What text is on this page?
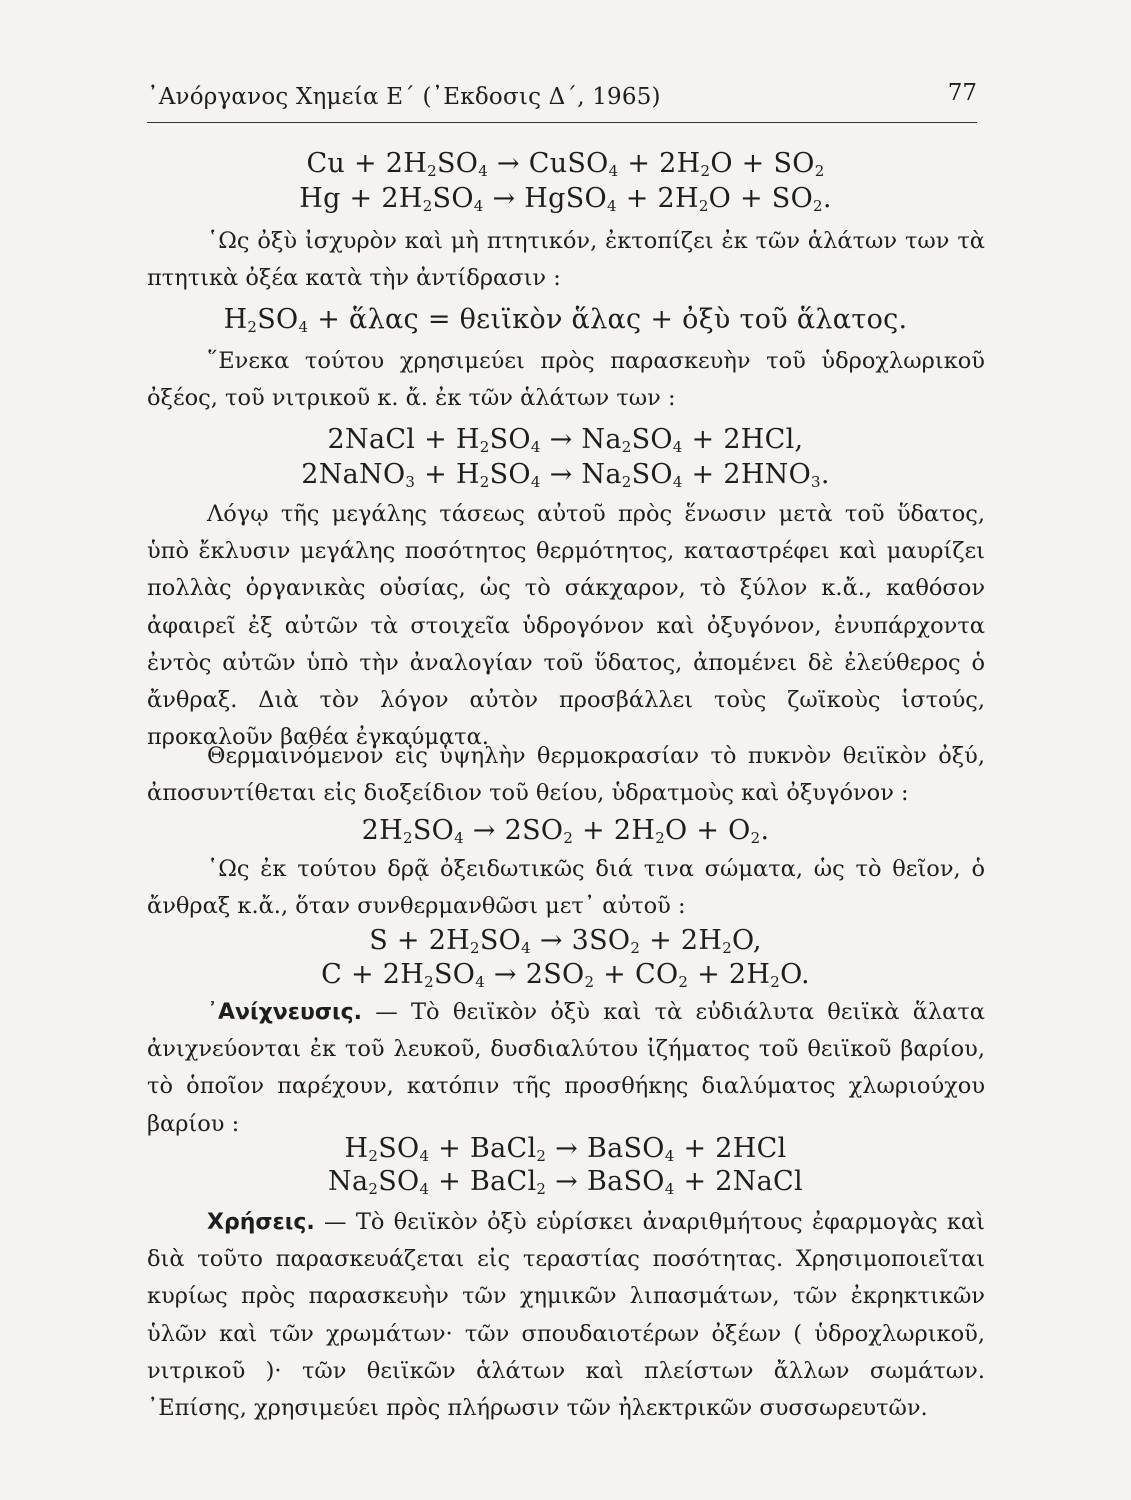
᾽Ανόργανος Χημεία Ε΄ (᾽Εκδοσις Δ΄, 1965)	77
$Cu + 2H_2SO_4$ → CuSO$_4$ + $2H_2O + SO_2$
$Hg + 2H_2SO_4$ → HgSO$_4$ + $2H_2O + SO_2$.
῾Ως ὀξὺ ἰσχυρὸν καὶ μὴ πτητικόν, ἐκτοπίζει ἐκ τῶν ἁλάτων των τὰ πτητικὰ ὀξέα κατὰ τὴν ἀντίδρασιν :
$H_2SO_4$ + ἅλας = θειϊκὸν ἅλας + ὀξὺ τοῦ ἅλατος.
῞Ενεκα τούτου χρησιμεύει πρὸς παρασκευὴν τοῦ ὑδροχλωρικοῦ ὀξέος, τοῦ νιτρικοῦ κ. ἄ. ἐκ τῶν ἁλάτων των :
2NaCl + $H_2SO_4 \to Na_2SO_4 + 2HCl$,
2NaNO$_3$ + $H_2SO_4 \to Na_2SO_4 + 2HNO_3$.
Λόγῳ τῆς μεγάλης τάσεως αὐτοῦ πρὸς ἕνωσιν μετὰ τοῦ ὕδατος, ὑπὸ ἔκλυσιν μεγάλης ποσότητος θερμότητος, καταστρέφει καὶ μαυρίζει πολλὰς ὀργανικὰς οὐσίας, ὡς τὸ σάκχαρον, τὸ ξύλον κ.ἄ., καθόσον ἀφαιρεῖ ἐξ αὐτῶν τὰ στοιχεῖα ὑδρογόνον καὶ ὀξυγόνον, ἐνυπάρχοντα ἐντὸς αὐτῶν ὑπὸ τὴν ἀναλογίαν τοῦ ὕδατος, ἀπομένει δὲ ἐλεύθερος ὁ ἄνθραξ. Διὰ τὸν λόγον αὐτὸν προσβάλλει τοὺς ζωϊκοὺς ἱστούς, προκαλοῦν βαθέα ἐγκαύματα.
Θερμαινόμενον εἰς ὑψηλὴν θερμοκρασίαν τὸ πυκνὸν θειϊκὸν ὀξύ, ἀποσυντίθεται εἰς διοξείδιον τοῦ θείου, ὑδρατμοὺς καὶ ὀξυγόνον :
$2H_2SO_4 \to 2SO_2 + 2H_2O + O_2$.
῾Ως ἐκ τούτου δρᾷ ὀξειδωτικῶς διά τινα σώματα, ὡς τὸ θεῖον, ὁ ἄνθραξ κ.ἄ., ὅταν συνθερμανθῶσι μετ᾽ αὐτοῦ :
$S + 2H_2SO_4 \to 3SO_2 + 2H_2O$,
$C + 2H_2SO_4 \to 2SO_2 + CO_2 + 2H_2O$.
᾽Ανίχνευσις. — Τὸ θειϊκὸν ὀξὺ καὶ τὰ εὐδιάλυτα θειϊκὰ ἅλατα ἀνιχνεύονται ἐκ τοῦ λευκοῦ, δυσδιαλύτου ἰζήματος τοῦ θειϊκοῦ βαρίου, τὸ ὁποῖον παρέχουν, κατόπιν τῆς προσθήκης διαλύματος χλωριούχου βαρίου :
$H_2SO_4$ + BaCl$_2$ → BaSO$_4$ + 2HCl
$Na_2SO_4$ + BaCl$_2$ → BaSO$_4$ + 2NaCl
Χρήσεις. — Τὸ θειϊκὸν ὀξὺ εὑρίσκει ἀναριθμήτους ἐφαρμογὰς καὶ διὰ τοῦτο παρασκευάζεται εἰς τεραστίας ποσότητας. Χρησιμοποιεῖται κυρίως πρὸς παρασκευὴν τῶν χημικῶν λιπασμάτων, τῶν ἐκρηκτικῶν ὑλῶν καὶ τῶν χρωμάτων· τῶν σπουδαιοτέρων ὀξέων ( ὑδροχλωρικοῦ, νιτρικοῦ )· τῶν θειϊκῶν ἁλάτων καὶ πλείστων ἄλλων σωμάτων. ᾽Επίσης, χρησιμεύει πρὸς πλήρωσιν τῶν ἠλεκτρικῶν συσσωρευτῶν.
